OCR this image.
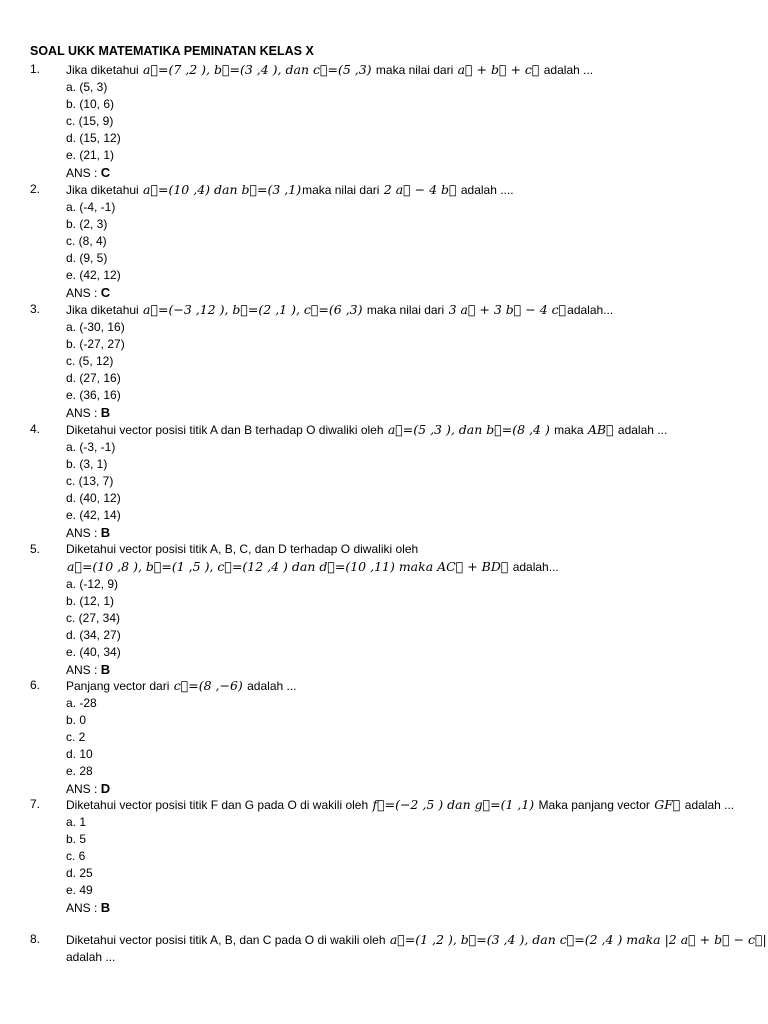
SOAL UKK MATEMATIKA PEMINATAN KELAS X
1. Jika diketahui a⃗=(7 ,2 ), b⃗=(3 ,4 ), dan c⃗=(5 ,3) maka nilai dari a⃗ + b⃗ + c⃗ adalah ...
a. (5, 3)
b. (10, 6)
c. (15, 9)
d. (15, 12)
e. (21, 1)
ANS : C
2. Jika diketahui a⃗=(10 ,4) dan b⃗=(3 ,1)maka nilai dari 2 a⃗ − 4 b⃗ adalah ....
a. (-4, -1)
b. (2, 3)
c. (8, 4)
d. (9, 5)
e. (42, 12)
ANS : C
3. Jika diketahui a⃗=(−3 ,12 ), b⃗=(2 ,1 ), c⃗=(6 ,3) maka nilai dari 3 a⃗ + 3 b⃗ − 4 c⃗adalah...
a. (-30, 16)
b. (-27, 27)
c. (5, 12)
d. (27, 16)
e. (36, 16)
ANS : B
4. Diketahui vector posisi titik A dan B terhadap O diwaliki oleh a⃗=(5 ,3 ), dan b⃗=(8 ,4 ) maka AB⃗ adalah ...
a. (-3, -1)
b. (3, 1)
c. (13, 7)
d. (40, 12)
e. (42, 14)
ANS : B
5. Diketahui vector posisi titik A, B, C, dan D terhadap O diwaliki oleh
a⃗=(10 ,8 ), b⃗=(1 ,5 ), c⃗=(12 ,4 ) dan d⃗=(10 ,11) maka AC⃗ + BD⃗ adalah...
a. (-12, 9)
b. (12, 1)
c. (27, 34)
d. (34, 27)
e. (40, 34)
ANS : B
6. Panjang vector dari c⃗=(8 ,−6) adalah ...
a. -28
b. 0
c. 2
d. 10
e. 28
ANS : D
7. Diketahui vector posisi titik F dan G pada O di wakili oleh f⃗=(−2 ,5 ) dan g⃗=(1 ,1) Maka panjang vector GF⃗ adalah ...
a. 1
b. 5
c. 6
d. 25
e. 49
ANS : B
8. Diketahui vector posisi titik A, B, dan C pada O di wakili oleh a⃗=(1 ,2 ), b⃗=(3 ,4 ), dan c⃗=(2 ,4 ) maka |2 a⃗ + b⃗ − c⃗|
adalah ...
